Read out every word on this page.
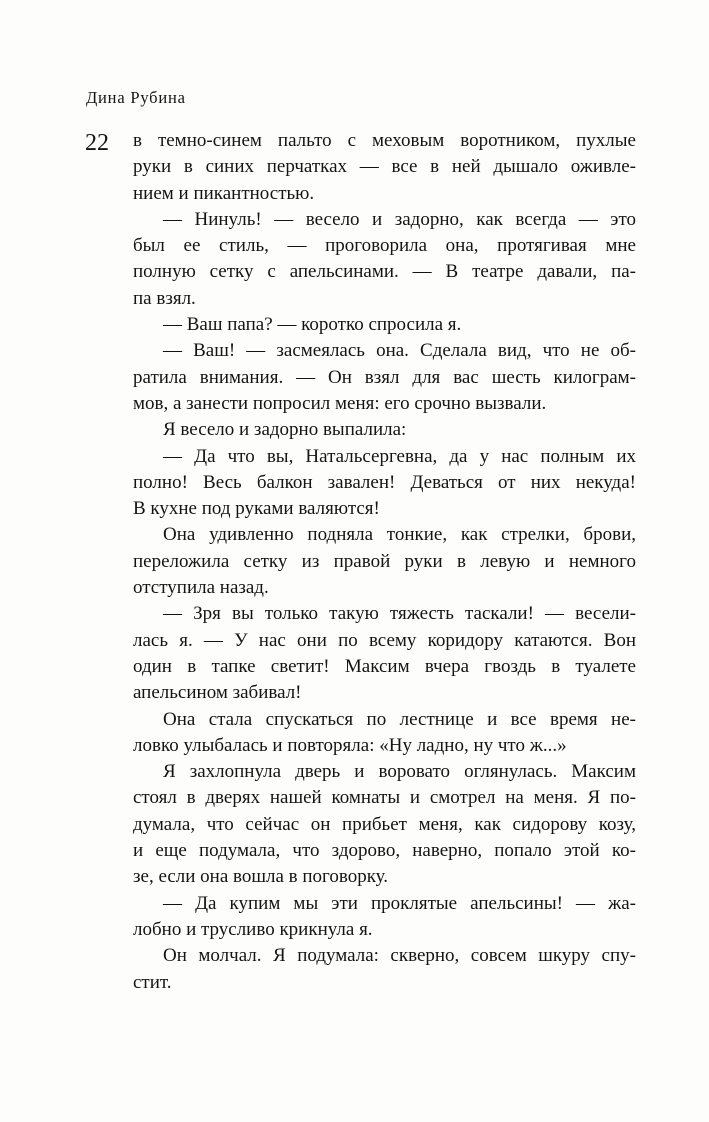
Дина Рубина
22 в темно-синем пальто с меховым воротником, пухлые
руки в синих перчатках — все в ней дышало оживле-
нием и пикантностью.

— Нинуль! — весело и задорно, как всегда — это
был ее стиль, — проговорила она, протягивая мне
полную сетку с апельсинами. — В театре давали, па-
па взял.

— Ваш папа? — коротко спросила я.

— Ваш! — засмеялась она. Сделала вид, что не об-
ратила внимания. — Он взял для вас шесть килограм-
мов, а занести попросил меня: его срочно вызвали.

Я весело и задорно выпалила:

— Да что вы, Натальсергевна, да у нас полным их
полно! Весь балкон завален! Деваться от них некуда!
В кухне под руками валяются!

Она удивленно подняла тонкие, как стрелки, брови,
переложила сетку из правой руки в левую и немного
отступила назад.

— Зря вы только такую тяжесть таскали! — весели-
лась я. — У нас они по всему коридору катаются. Вон
один в тапке светит! Максим вчера гвоздь в туалете
апельсином забивал!

Она стала спускаться по лестнице и все время не-
ловко улыбалась и повторяла: «Ну ладно, ну что ж...»

Я захлопнула дверь и воровато оглянулась. Максим
стоял в дверях нашей комнаты и смотрел на меня. Я по-
думала, что сейчас он прибьет меня, как сидорову козу,
и еще подумала, что здорово, наверно, попало этой ко-
зе, если она вошла в поговорку.

— Да купим мы эти проклятые апельсины! — жа-
лобно и трусливо крикнула я.

Он молчал. Я подумала: скверно, совсем шкуру спу-
стит.
